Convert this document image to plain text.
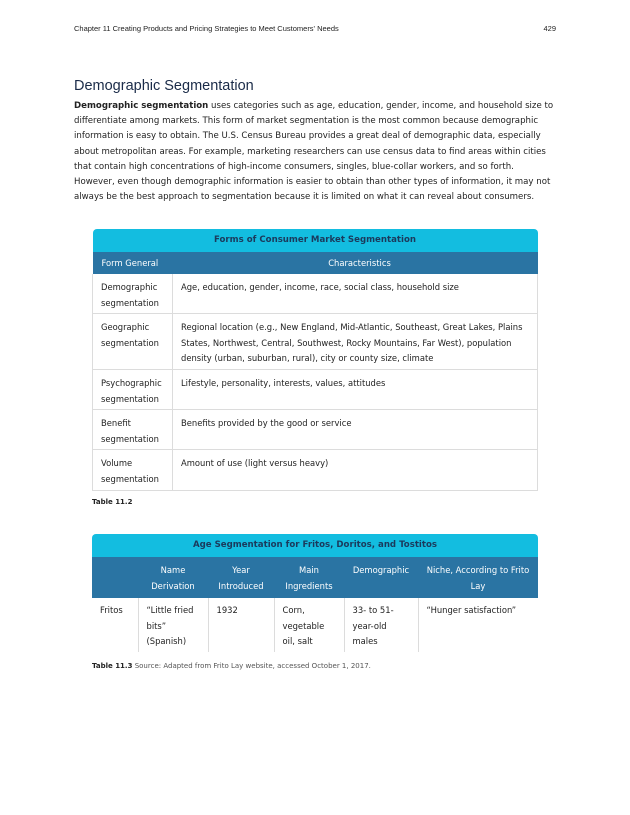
Chapter 11 Creating Products and Pricing Strategies to Meet Customers' Needs	429
Demographic Segmentation

Demographic segmentation uses categories such as age, education, gender, income, and household size to differentiate among markets. This form of market segmentation is the most common because demographic information is easy to obtain. The U.S. Census Bureau provides a great deal of demographic data, especially about metropolitan areas. For example, marketing researchers can use census data to find areas within cities that contain high concentrations of high-income consumers, singles, blue-collar workers, and so forth. However, even though demographic information is easier to obtain than other types of information, it may not always be the best approach to segmentation because it is limited on what it can reveal about consumers.

Forms of Consumer Market Segmentation	
Form General	Characteristics
Demographic segmentation	Age, education, gender, income, race, social class, household size
Geographic segmentation	Regional location (e.g., New England, Mid-Atlantic, Southeast, Great Lakes, Plains States, Northwest, Central, Southwest, Rocky Mountains, Far West), population density (urban, suburban, rural), city or county size, climate
Psychographic segmentation	Lifestyle, personality, interests, values, attitudes
Benefit segmentation	Benefits provided by the good or service
Volume segmentation	Amount of use (light versus heavy)
Table 11.2
Age Segmentation for Fritos, Doritos, and Tostitos					
	Name Derivation	Year Introduced	Main Ingredients	Demographic	Niche, According to Frito Lay
Fritos	“Little fried bits” (Spanish)	1932	Corn, vegetable oil, salt	33- to 51-year-old males	“Hunger satisfaction”
Table 11.3 Source: Adapted from Frito Lay website, accessed October 1, 2017.
